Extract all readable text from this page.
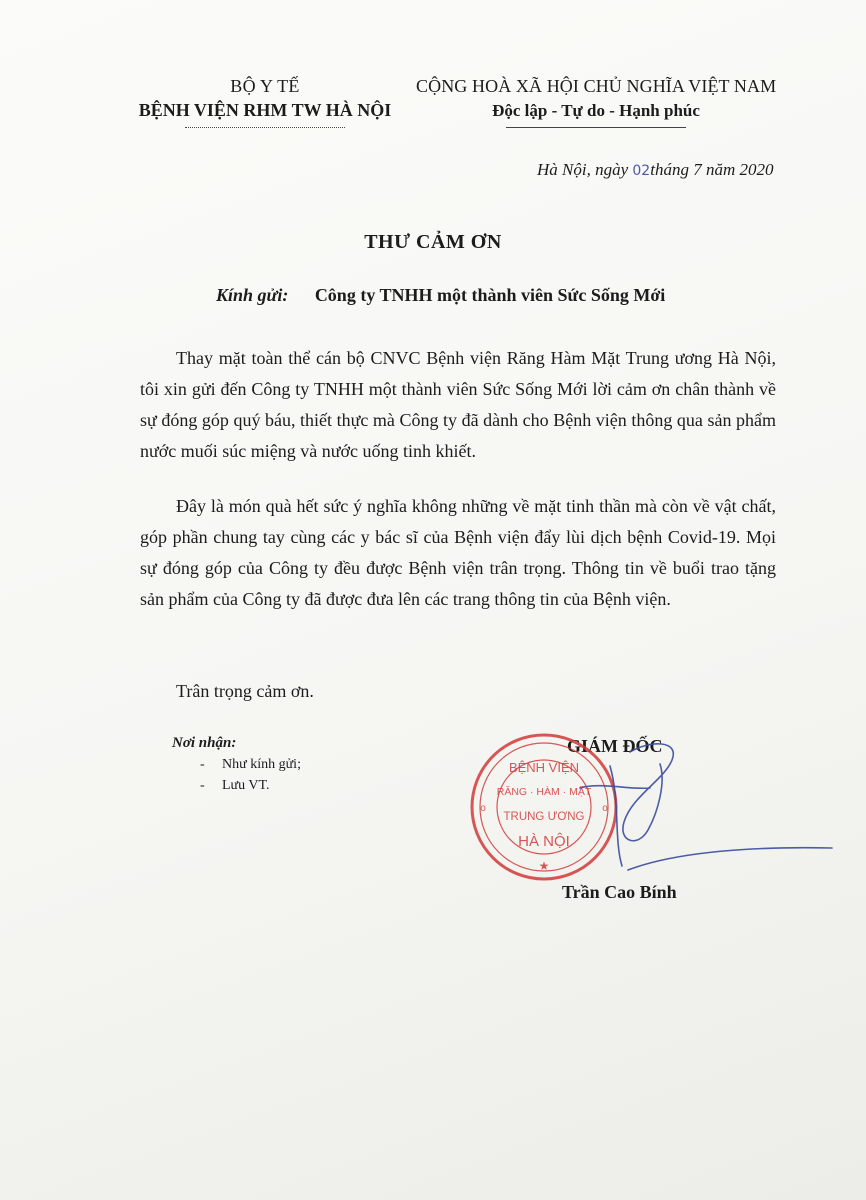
BỘ Y TẾ
BỆNH VIỆN RHM TW HÀ NỘI
CỘNG HOÀ XÃ HỘI CHỦ NGHĨA VIỆT NAM
Độc lập - Tự do - Hạnh phúc
Hà Nội, ngày 02tháng 7 năm 2020
THƯ CẢM ƠN
Kính gửi: Công ty TNHH một thành viên Sức Sống Mới

Thay mặt toàn thể cán bộ CNVC Bệnh viện Răng Hàm Mặt Trung ương Hà Nội, tôi xin gửi đến Công ty TNHH một thành viên Sức Sống Mới lời cảm ơn chân thành về sự đóng góp quý báu, thiết thực mà Công ty đã dành cho Bệnh viện thông qua sản phẩm nước muối súc miệng và nước uống tinh khiết.

Đây là món quà hết sức ý nghĩa không những về mặt tinh thần mà còn về vật chất, góp phần chung tay cùng các y bác sĩ của Bệnh viện đẩy lùi dịch bệnh Covid-19. Mọi sự đóng góp của Công ty đều được Bệnh viện trân trọng. Thông tin về buổi trao tặng sản phẩm của Công ty đã được đưa lên các trang thông tin của Bệnh viện.

Trân trọng cảm ơn.
Nơi nhận:
- Như kính gửi;
- Lưu VT.
GIÁM ĐỐC
BỆNH VIỆN
RĂNG · HÀM · MẶT
TRUNG ƯƠNG
HÀ NỘI
★
o	o
Trần Cao Bính
